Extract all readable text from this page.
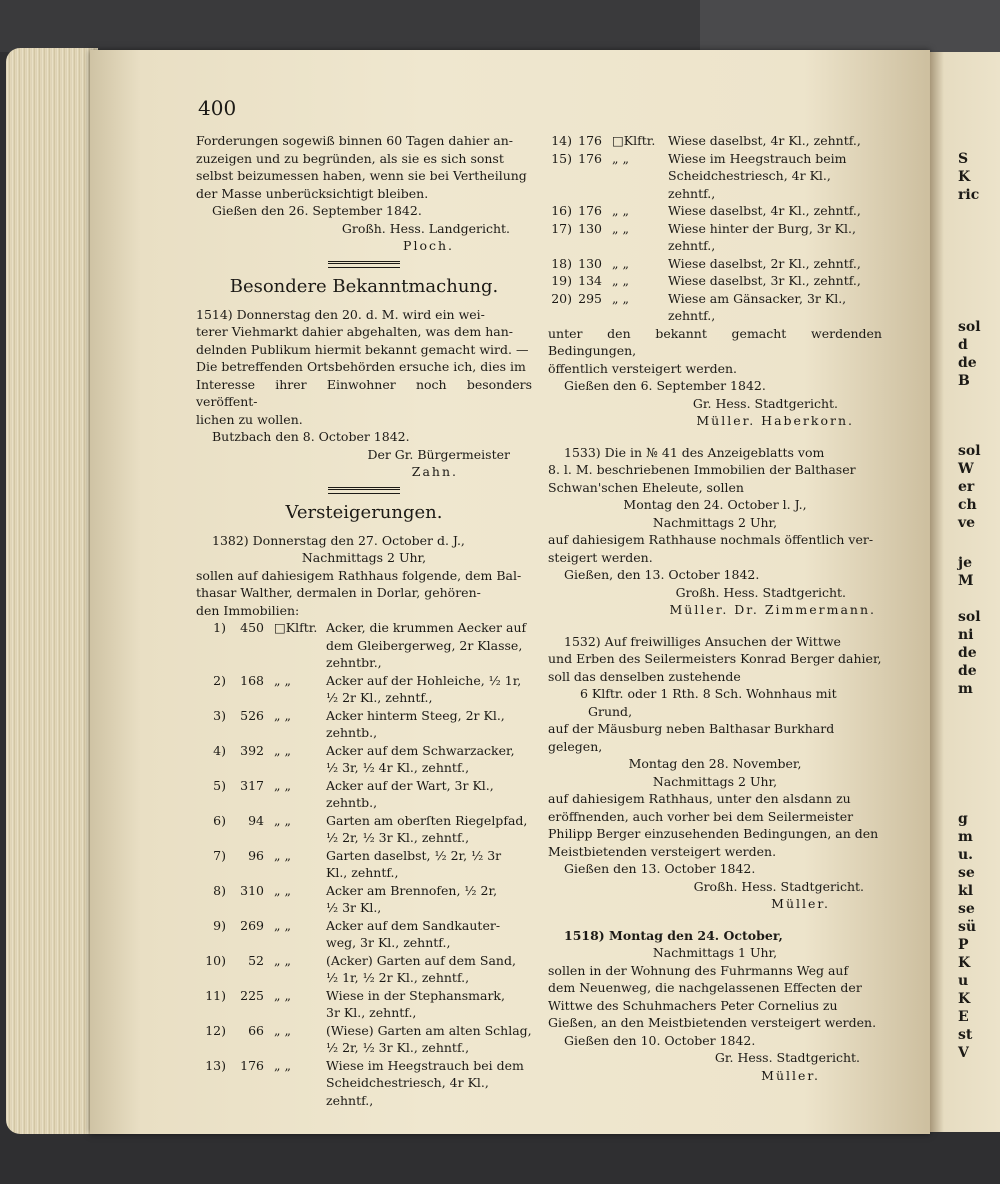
S
K
ric
sol
d
de
B
sol
W
er
ch
ve
je
M
sol
ni
de
de
m
g
m
u.
se
kl
se
sü
P
K
u
K
E
st
V
400

Forderungen sogewiß binnen 60 Tagen dahier an-

zuzeigen und zu begründen, als sie es sich sonst

selbst beizumessen haben, wenn sie bei Vertheilung

der Masse unberücksichtigt bleiben.

Gießen den 26. September 1842.

Großh. Hess. Landgericht.

Ploch.

Besondere Bekanntmachung.

1514) Donnerstag den 20. d. M. wird ein wei-

terer Viehmarkt dahier abgehalten, was dem han-

delnden Publikum hiermit bekannt gemacht wird. —

Die betreffenden Ortsbehörden ersuche ich, dies im

Interesse ihrer Einwohner noch besonders veröffent-

lichen zu wollen.

Butzbach den 8. October 1842.

Der Gr. Bürgermeister

Zahn.

Versteigerungen.

1382) Donnerstag den 27. October d. J.,

Nachmittags 2 Uhr,

sollen auf dahiesigem Rathhaus folgende, dem Bal-

thasar Walther, dermalen in Dorlar, gehören-

den Immobilien:

1)	450 □Klftr. Acker, die krummen Aecker auf
dem Gleibergerweg, 2r Klasse,
zehntbr.,
2)	168 „ „	Acker auf der Hohleiche, ½ 1r,
½ 2r Kl., zehntf.,
3)	526 „ „	Acker hinterm Steeg, 2r Kl.,
zehntb.,
4)	392 „ „	Acker auf dem Schwarzacker,
½ 3r, ½ 4r Kl., zehntf.,
5)	317 „ „	Acker auf der Wart, 3r Kl.,
zehntb.,
6)	94 „ „	Garten am oberſten Riegelpfad,
½ 2r, ½ 3r Kl., zehntf.,
7)	96 „ „	Garten daselbst, ½ 2r, ½ 3r
Kl., zehntf.,
8)	310 „ „	Acker am Brennofen, ½ 2r,
½ 3r Kl.,
9)	269 „ „	Acker auf dem Sandkauter-
weg, 3r Kl., zehntf.,
10)	52 „ „	(Acker) Garten auf dem Sand,
½ 1r, ½ 2r Kl., zehntf.,
11)	225 „ „	Wiese in der Stephansmark,
3r Kl., zehntf.,
12)	66 „ „	(Wiese) Garten am alten Schlag,
½ 2r, ½ 3r Kl., zehntf.,
13)	176 „ „	Wiese im Heegstrauch bei dem
Scheidchestriesch, 4r Kl.,
zehntf.,
14) 176 □Klftr.	Wiese daselbst, 4r Kl., zehntf.,
15) 176 „ „	Wiese im Heegstrauch beim
Scheidchestriesch, 4r Kl.,
zehntf.,
16) 176 „ „	Wiese daselbst, 4r Kl., zehntf.,
17) 130 „ „	Wiese hinter der Burg, 3r Kl.,
zehntf.,
18) 130 „ „	Wiese daselbst, 2r Kl., zehntf.,
19) 134 „ „	Wiese daselbst, 3r Kl., zehntf.,
20) 295 „ „	Wiese am Gänsacker, 3r Kl.,
zehntf.,

unter den bekannt gemacht werdenden Bedingungen,

öffentlich versteigert werden.

Gießen den 6. September 1842.

Gr. Hess. Stadtgericht.

Müller. Haberkorn.

1533) Die in № 41 des Anzeigeblatts vom

8. l. M. beschriebenen Immobilien der Balthaser

Schwan'schen Eheleute, sollen

Montag den 24. October l. J.,

Nachmittags 2 Uhr,

auf dahiesigem Rathhause nochmals öffentlich ver-

steigert werden.

Gießen, den 13. October 1842.

Großh. Hess. Stadtgericht.

Müller. Dr. Zimmermann.

1532) Auf freiwilliges Ansuchen der Wittwe

und Erben des Seilermeisters Konrad Berger dahier,

soll das denselben zustehende

6 Klftr. oder 1 Rth. 8 Sch. Wohnhaus mit

Grund,

auf der Mäusburg neben Balthasar Burkhard gelegen,

Montag den 28. November,

Nachmittags 2 Uhr,

auf dahiesigem Rathhaus, unter den alsdann zu

eröffnenden, auch vorher bei dem Seilermeister

Philipp Berger einzusehenden Bedingungen, an den

Meistbietenden versteigert werden.

Gießen den 13. October 1842.

Großh. Hess. Stadtgericht.

Müller.

1518) Montag den 24. October,

Nachmittags 1 Uhr,

sollen in der Wohnung des Fuhrmanns Weg auf

dem Neuenweg, die nachgelassenen Effecten der

Wittwe des Schuhmachers Peter Cornelius zu

Gießen, an den Meistbietenden versteigert werden.

Gießen den 10. October 1842.

Gr. Hess. Stadtgericht.

Müller.
